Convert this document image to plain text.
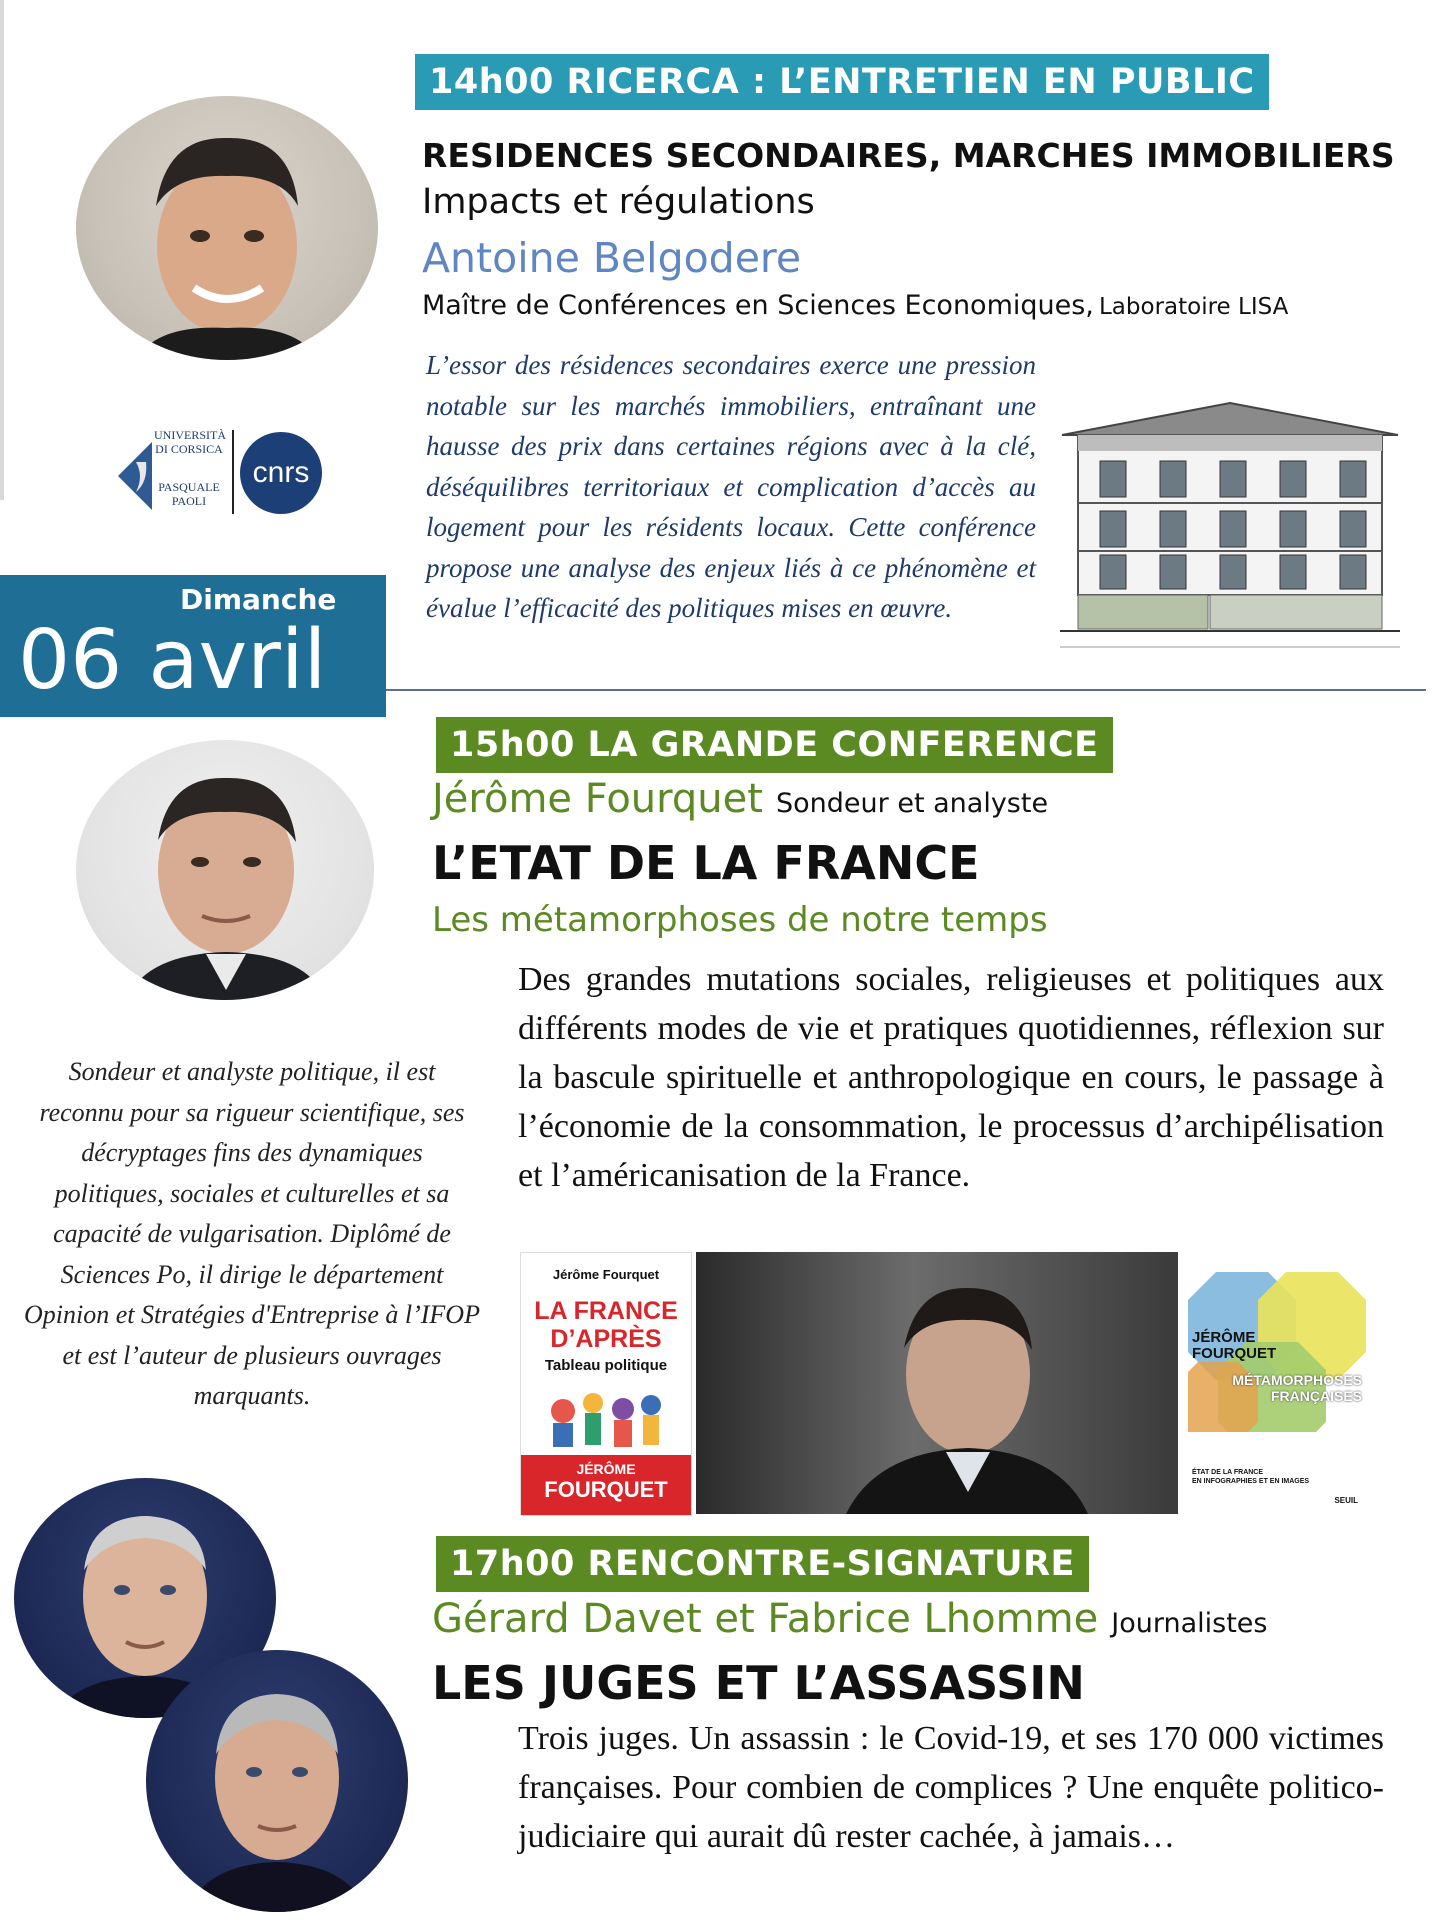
14h00 RICERCA : L’ENTRETIEN EN PUBLIC
UNIVERSITÀ
DI CORSICA
PASQUALE
PAOLI
cnrs
Dimanche
06 avril
RESIDENCES SECONDAIRES, MARCHES IMMOBILIERS
Impacts et régulations
Antoine Belgodere
Maître de Conférences en Sciences Economiques, Laboratoire LISA
L’essor des résidences secondaires exerce une pression notable sur les marchés immobiliers, entraînant une hausse des prix dans certaines régions avec à la clé, déséquilibres territoriaux et complication d’accès au logement pour les résidents locaux. Cette conférence propose une analyse des enjeux liés à ce phénomène et évalue l’efficacité des politiques mises en œuvre.
15h00 LA GRANDE CONFERENCE
Jérôme Fourquet Sondeur et analyste
L’ETAT DE LA FRANCE
Les métamorphoses de notre temps
Des grandes mutations sociales, religieuses et politiques aux différents modes de vie et pratiques quotidiennes, réflexion sur la bascule spirituelle et anthropologique en cours, le passage à l’économie de la consommation, le processus d’archipélisation et l’américanisation de la France.
Sondeur et analyste politique, il est reconnu pour sa rigueur scientifique, ses décryptages fins des dynamiques politiques, sociales et culturelles et sa capacité de vulgarisation. Diplômé de Sciences Po, il dirige le département Opinion et Stratégies d'Entreprise à l’IFOP et est l’auteur de plusieurs ouvrages marquants.
Jérôme Fourquet
LA FRANCE
D’APRÈS
Tableau politique
JÉRÔME
FOURQUET
JÉRÔME
FOURQUET
MÉTAMORPHOSES
FRANÇAISES
ÉTAT DE LA FRANCE
EN INFOGRAPHIES ET EN IMAGES
SEUIL
17h00 RENCONTRE-SIGNATURE
Gérard Davet et Fabrice Lhomme Journalistes
LES JUGES ET L’ASSASSIN
Trois juges. Un assassin : le Covid-19, et ses 170 000 victimes françaises. Pour combien de complices ? Une enquête politico- judiciaire qui aurait dû rester cachée, à jamais…
